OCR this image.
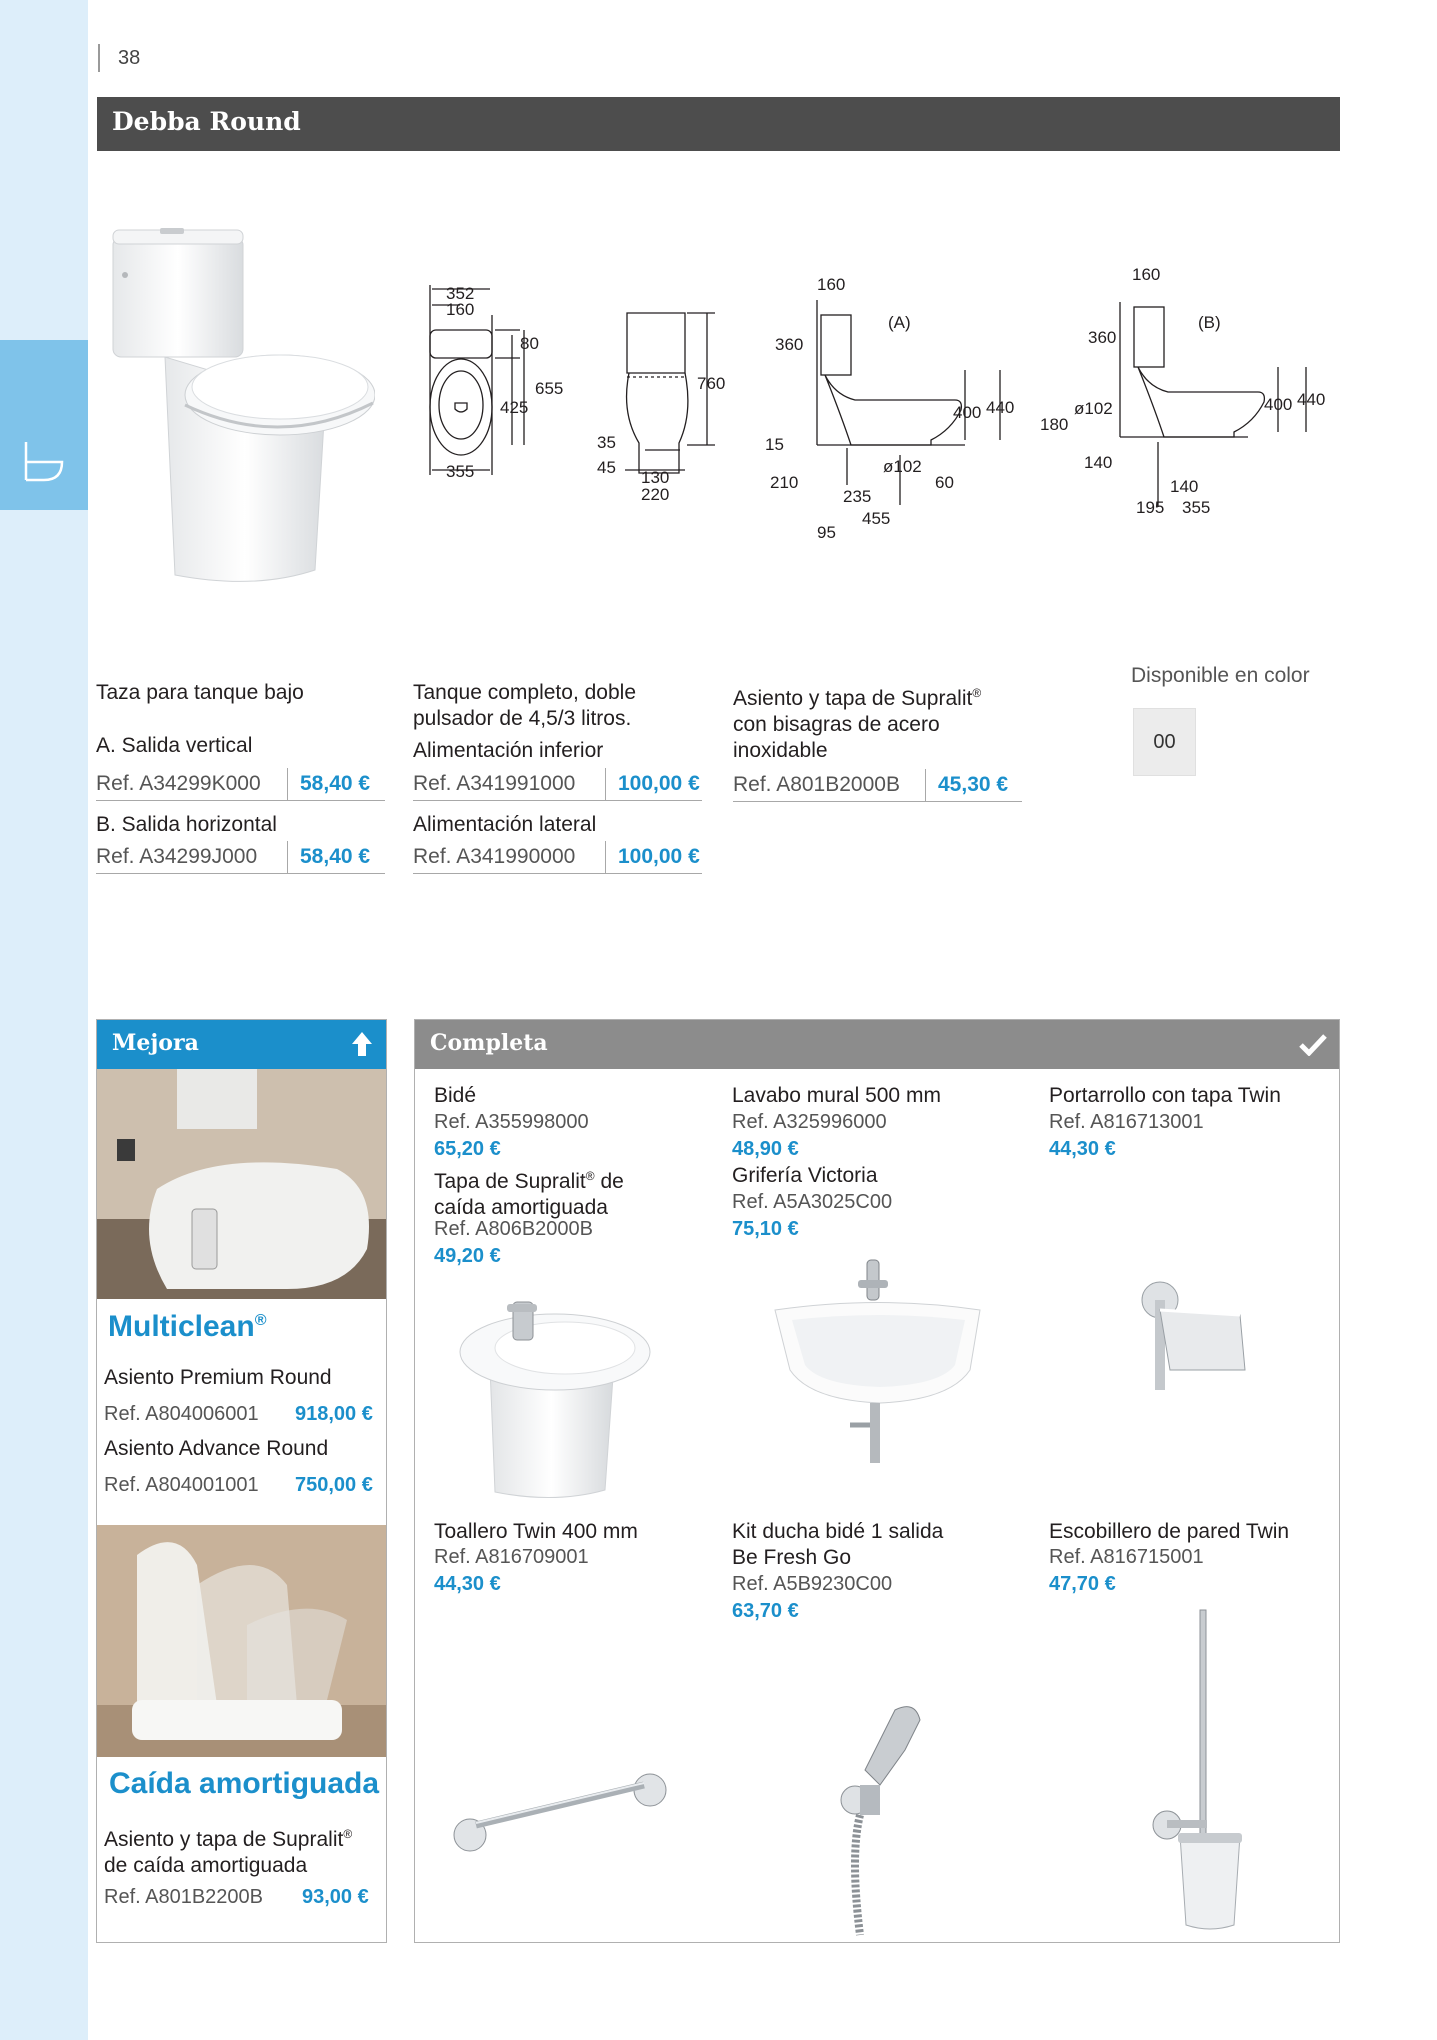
38
Debba Round
352
160
80
655
425
355
760
35
45
130
220
160
(A)
360
400 440
15
210
ø102
60
235
455
95
160
(B)
360
ø102
180
400 440
140
140
195 355
Taza para tanque bajo
A. Salida vertical
Ref. A34299K000	58,40 €
B. Salida horizontal
Ref. A34299J000	58,40 €
Tanque completo, doble pulsador de 4,5/3 litros.
Alimentación inferior
Ref. A341991000	100,00 €
Alimentación lateral
Ref. A341990000	100,00 €
Asiento y tapa de Supralit®
con bisagras de acero
inoxidable
Ref. A801B2000B	45,30 €
Disponible en color
00
Mejora
Multiclean®
Asiento Premium Round
Ref. A804006001 918,00 €
Asiento Advance Round
Ref. A804001001 750,00 €
Caída amortiguada
Asiento y tapa de Supralit®
de caída amortiguada
Ref. A801B2200B 93,00 €
Completa
Bidé
Ref. A355998000
65,20 €
Tapa de Supralit® de
caída amortiguada
Ref. A806B2000B
49,20 €
Lavabo mural 500 mm
Ref. A325996000
48,90 €
Grifería Victoria
Ref. A5A3025C00
75,10 €
Portarrollo con tapa Twin
Ref. A816713001
44,30 €
Toallero Twin 400 mm
Ref. A816709001
44,30 €
Kit ducha bidé 1 salida
Be Fresh Go
Ref. A5B9230C00
63,70 €
Escobillero de pared Twin
Ref. A816715001
47,70 €
